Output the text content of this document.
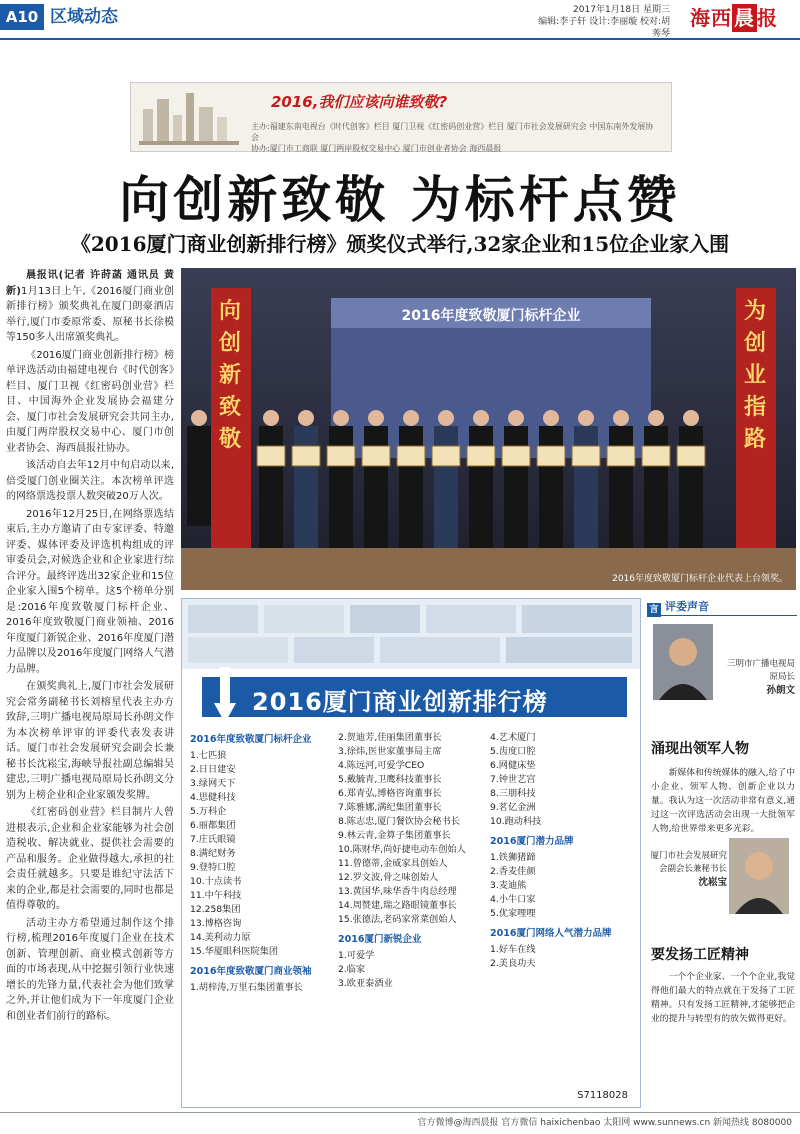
A10 区域动态	2017年1月18日 星期三
编辑:李子轩 设计:李丽璇 校对:胡莠琴
海西 晨 报
2016,我们应该向谁致敬?
主办:福建东南电视台《时代创客》栏目 厦门卫视《红密码创业营》栏目 厦门市社会发展研究会 中国东南外发展协会
协办:厦门市工商联 厦门两岸股权交易中心 厦门市创业者协会 海西晨报
向创新致敬 为标杆点赞
《2016厦门商业创新排行榜》颁奖仪式举行,32家企业和15位企业家入围

晨报讯(记者 许莳菡 通讯员 黄新)1月13日上午,《2016厦门商业创新排行榜》颁奖典礼在厦门朗豪酒店举行,厦门市委原常委、原秘书长徐模等150多人出席颁奖典礼。

《2016厦门商业创新排行榜》榜单评选活动由福建电视台《时代创客》栏目、厦门卫视《红密码创业营》栏目、中国海外企业发展协会福建分会、厦门市社会发展研究会共同主办,由厦门两岸股权交易中心、厦门市创业者协会、海西晨报社协办。

该活动自去年12月中旬启动以来,倍受厦门创业圈关注。本次榜单评选的网络票选投票人数突破20万人次。

2016年12月25日,在网络票选结束后,主办方邀请了由专家评委、特邀评委、媒体评委及评选机构组成的评审委员会,对候选企业和企业家进行综合评分。最终评选出32家企业和15位企业家入围5个榜单。这5个榜单分别是:2016年度致敬厦门标杆企业、2016年度致敬厦门商业领袖、2016年度厦门新锐企业、2016年度厦门潜力品牌以及2016年度厦门网络人气潜力品牌。

在颁奖典礼上,厦门市社会发展研究会常务副秘书长刘榕星代表主办方致辞,三明广播电视局原局长孙朗文作为本次榜单评审的评委代表发表讲话。厦门市社会发展研究会副会长兼秘书长沈崧宝,海峡导报社副总编辑吴建忠,三明广播电视局原局长孙朗文分别为上榜企业和企业家颁发奖牌。

《红密码创业营》栏目制片人曾进根表示,企业和企业家能够为社会创造税收、解决就业、提供社会需要的产品和服务。企业做得越大,承担的社会责任就越多。只要是谁纪守法活下来的企业,都是社会需要的,同时也都是值得尊敬的。

活动主办方希望通过制作这个排行榜,梳理2016年度厦门企业在技术创新、管理创新、商业模式创新等方面的市场表现,从中挖掘引领行业快速增长的先锋力量,代表社会为他们致掌之外,并让他们成为下一年度厦门企业和创业者们前行的路标。

2016年度致敬厦门标杆企业
向创新致敬
为创业指路
2016年度致敬厦门标杆企业代表上台领奖。
2016厦门商业创新排行榜
2016年度致敬厦门标杆企业
1.七匹狼
2.日日建安
3.绿网天下
4.思健科技
5.万科企
6.丽都集团
7.庄氏眼镜
8.满纪财务
9.登特口腔
10.十点读书
11.中午科技
12.258集团
13.博格咨询
14.美利动力原
15.华厦眼科医院集团
2016年度致敬厦门商业领袖
1.胡梓涛,万里石集团董事长
2.贺迪芳,佳丽集团董事长
3.徐炜,医世家董事局主席
4.陈远河,可爱学CEO
5.戴毓青,卫鹰科技董事长
6.郑青弘,博格咨询董事长
7.陈雅娜,满纪集团董事长
8.陈志忠,厦门餐饮协会秘书长
9.林云青,金算子集团董事长
10.陈财华,尚好捷电动车创始人
11.曾德蒂,金威家具创始人
12.罗文波,骨之味创始人
13.黄国华,味华香牛肉总经理
14.周赞建,瑞之路眼镜董事长
15.张德法,老码家常菜创始人
2016厦门新锐企业
1.可爱学
2.临家
3.欧亚泰酒业
4.艺术厦门
5.齿度口腔
6.网健床垫
7.钟世艺宫
8.三朋科技
9.茗亿金洲
10.跑动科技
2016厦门潜力品牌
1.铁狮猪蹄
2.香麦佳颜
3.麦迪熊
4.小牛口家
5.优家哩哩
2016厦门网络人气潜力品牌
1.好车在线
2.美良功夫
S7118028
言 评委声音
三明市广播电视局原局长
孙朗文
涌现出领军人物

新媒体和传统媒体的融入,给了中小企业、领军人物、创新企业以力量。我认为这一次活动非常有意义,通过这一次评选活动会出现一大批领军人物,给世界带来更多光彩。

厦门市社会发展研究会副会长兼秘书长
沈崧宝
要发扬工匠精神

一个个企业家、一个个企业,我觉得他们最大的特点就在于发扬了工匠精神。只有发扬工匠精神,才能够把企业的提升与转型有的放矢做得更好。

官方微博@海西晨报 官方微信 haixichenbao 太阳网 www.sunnews.cn 新闻热线 8080000
